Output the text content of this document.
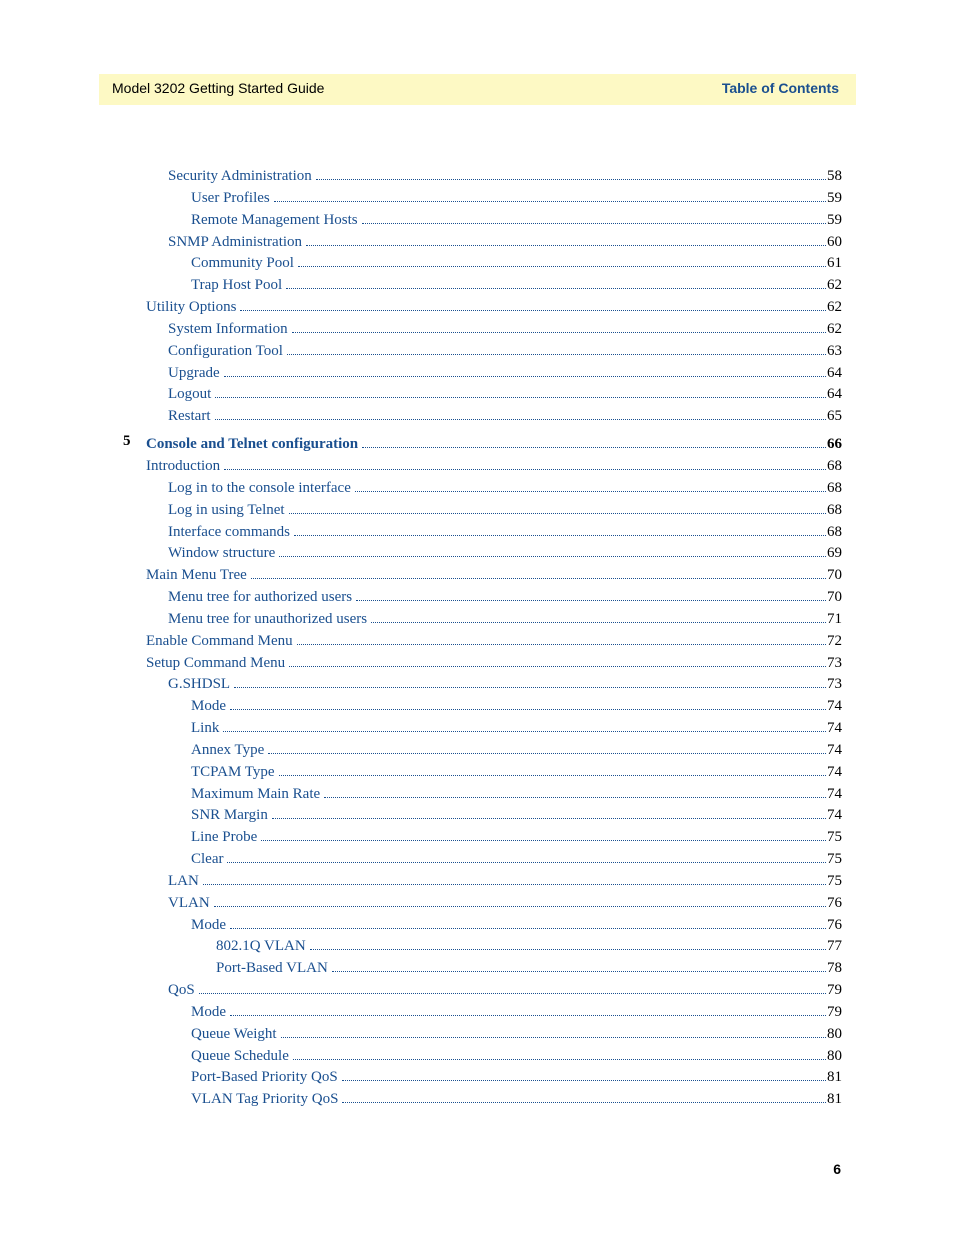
Model 3202 Getting Started Guide	Table of Contents
Security Administration	58
User Profiles	59
Remote Management Hosts	59
SNMP Administration	60
Community Pool	61
Trap Host Pool	62
Utility Options	62
System Information	62
Configuration Tool	63
Upgrade	64
Logout	64
Restart	65
Console and Telnet configuration	66
5
Introduction	68
Log in to the console interface	68
Log in using Telnet	68
Interface commands	68
Window structure	69
Main Menu Tree	70
Menu tree for authorized users	70
Menu tree for unauthorized users	71
Enable Command Menu	72
Setup Command Menu	73
G.SHDSL	73
Mode	74
Link	74
Annex Type	74
TCPAM Type	74
Maximum Main Rate	74
SNR Margin	74
Line Probe	75
Clear	75
LAN	75
VLAN	76
Mode	76
802.1Q VLAN	77
Port-Based VLAN	78
QoS	79
Mode	79
Queue Weight	80
Queue Schedule	80
Port-Based Priority QoS	81
VLAN Tag Priority QoS	81
6
